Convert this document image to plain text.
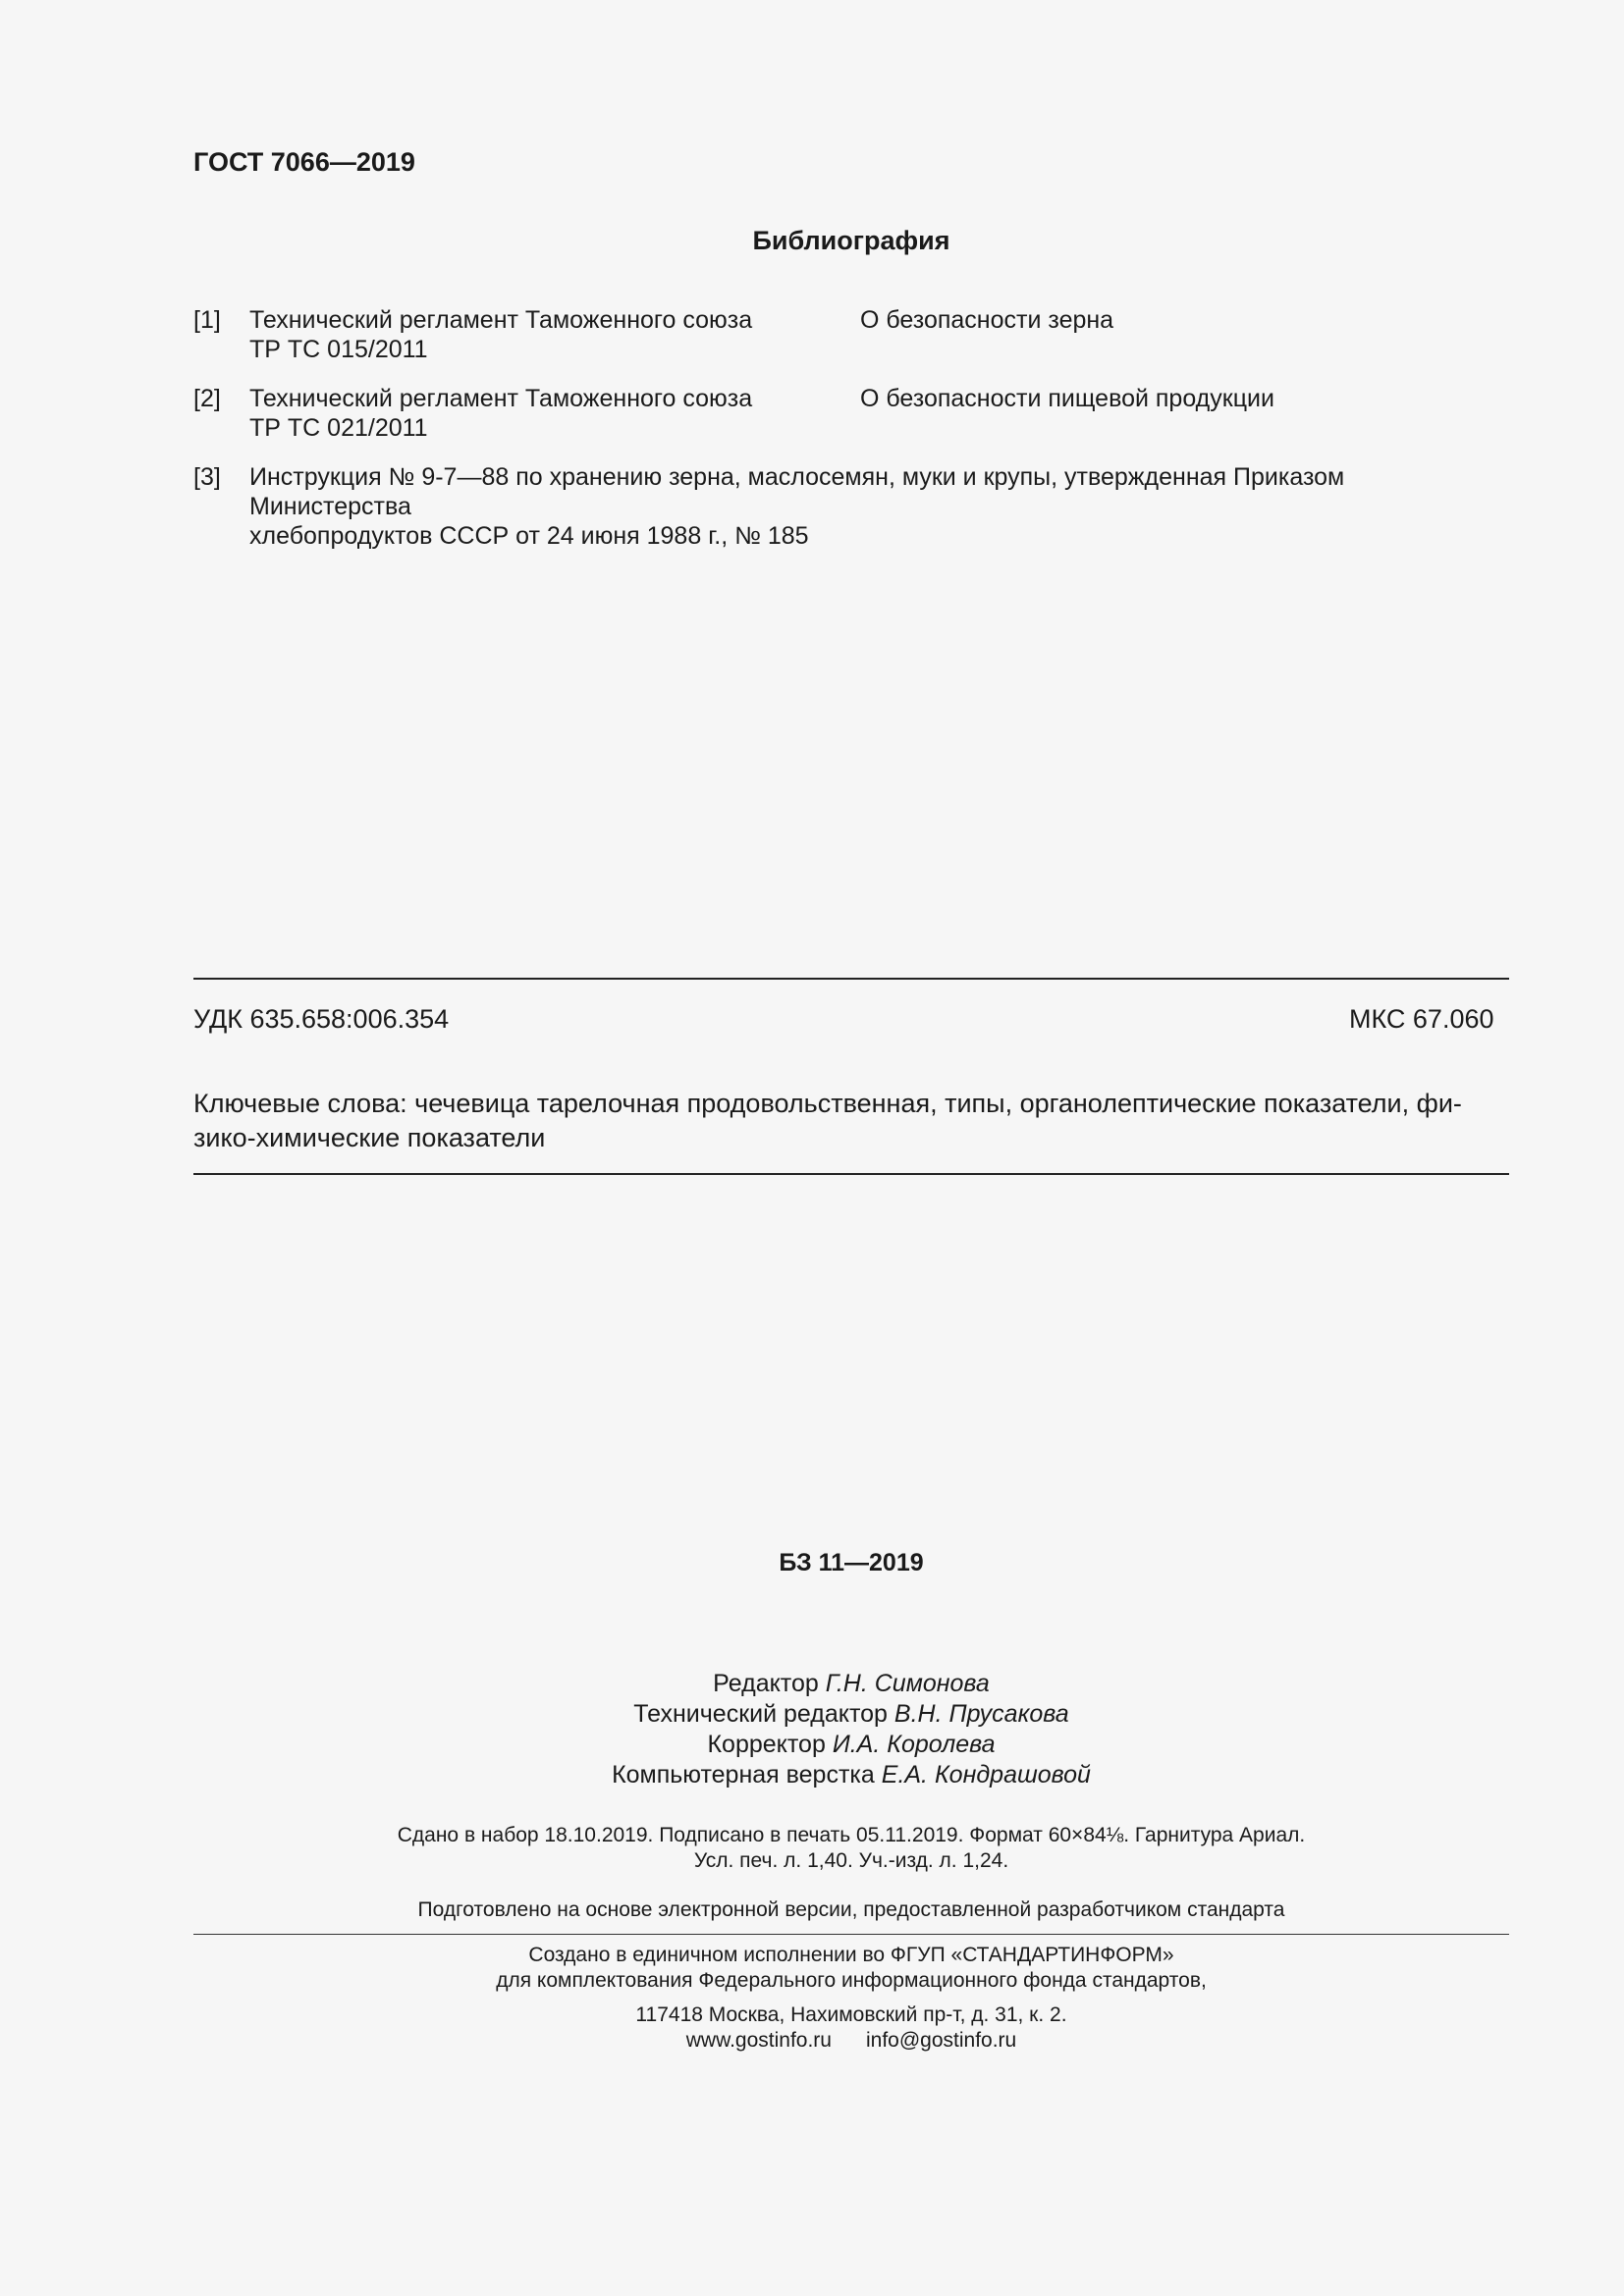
ГОСТ 7066—2019
Библиография
[1] Технический регламент Таможенного союза
ТР ТС 015/2011
О безопасности зерна
[2] Технический регламент Таможенного союза
ТР ТС 021/2011
О безопасности пищевой продукции
[3] Инструкция № 9-7—88 по хранению зерна, маслосемян, муки и крупы, утвержденная Приказом Министерства
хлебопродуктов СССР от 24 июня 1988 г., № 185
УДК 635.658:006.354	МКС 67.060
Ключевые слова: чечевица тарелочная продовольственная, типы, органолептические показатели, фи-
зико-химические показатели
БЗ 11—2019
Редактор Г.Н. Симонова
Технический редактор В.Н. Прусакова
Корректор И.А. Королева
Компьютерная верстка Е.А. Кондрашовой
Сдано в набор 18.10.2019. Подписано в печать 05.11.2019. Формат 60×84⅛. Гарнитура Ариал.
Усл. печ. л. 1,40. Уч.-изд. л. 1,24.
Подготовлено на основе электронной версии, предоставленной разработчиком стандарта
Создано в единичном исполнении во ФГУП «СТАНДАРТИНФОРМ»
для комплектования Федерального информационного фонда стандартов,
117418 Москва, Нахимовский пр-т, д. 31, к. 2.
www.gostinfo.ru info@gostinfo.ru
